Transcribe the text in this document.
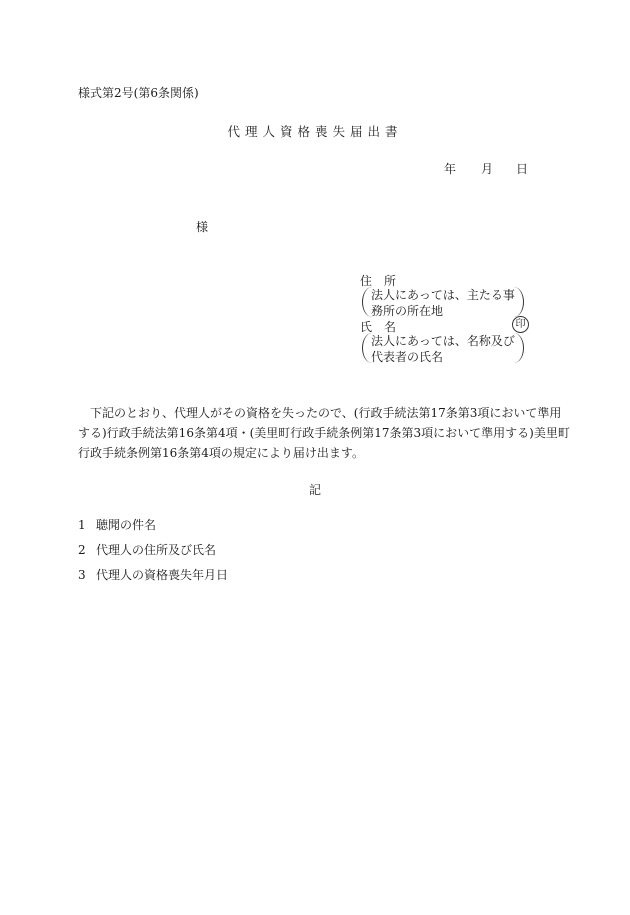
様式第2号(第6条関係)
代理人資格喪失届出書
年 月 日
様
住　所
法人にあっては、主たる事
務所の所在地
氏　名	印
法人にあっては、名称及び
代表者の氏名
　下記のとおり、代理人がその資格を失ったので、(行政手続法第17条第3項において準用
する)行政手続法第16条第4項・(美里町行政手続条例第17条第3項において準用する)美里町
行政手続条例第16条第4項の規定により届け出ます。
記
1 聴聞の件名
2 代理人の住所及び氏名
3 代理人の資格喪失年月日
